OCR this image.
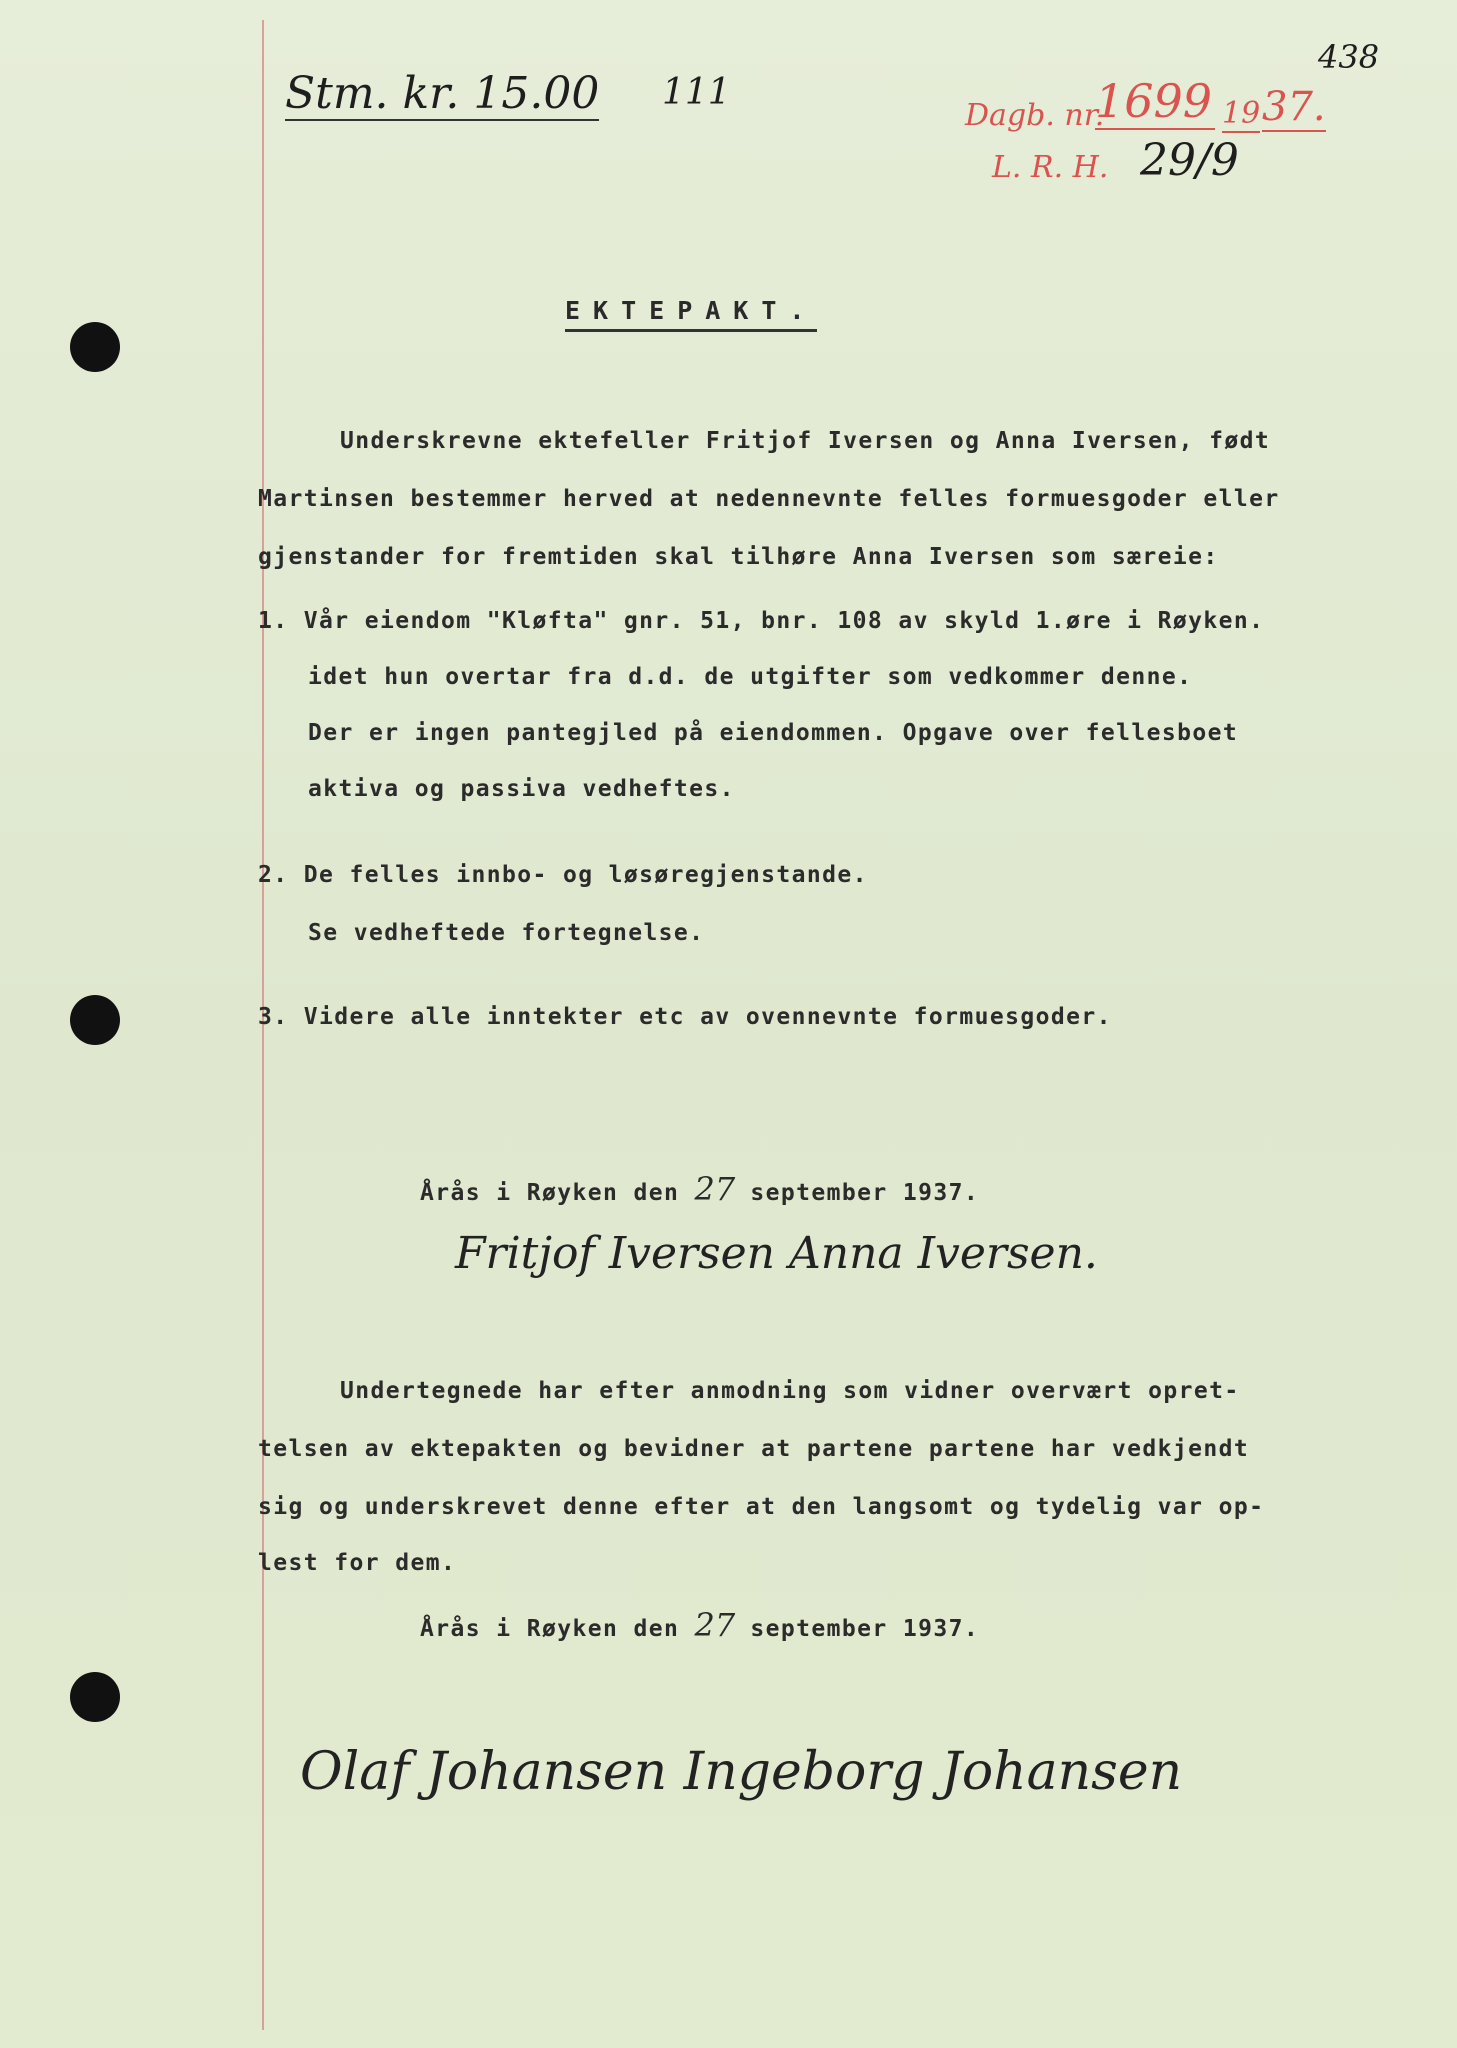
Stm. kr. 15.00 111
438
Dagb. nr.
1699 19 37.
L. R. H. 29/9
EKTEPAKT.
Underskrevne ektefeller Fritjof Iversen og Anna Iversen, født
Martinsen bestemmer herved at nedennevnte felles formuesgoder eller
gjenstander for fremtiden skal tilhøre Anna Iversen som særeie:
1. Vår eiendom "Kløfta" gnr. 51, bnr. 108 av skyld 1.øre i Røyken.
idet hun overtar fra d.d. de utgifter som vedkommer denne.
Der er ingen pantegjled på eiendommen. Opgave over fellesboet
aktiva og passiva vedheftes.
2. De felles innbo- og løsøregjenstande.
Se vedheftede fortegnelse.
3. Videre alle inntekter etc av ovennevnte formuesgoder.
Årås i Røyken den 27 september 1937.
Fritjof Iversen Anna Iversen.
Undertegnede har efter anmodning som vidner overvært opret-
telsen av ektepakten og bevidner at partene partene har vedkjendt
sig og underskrevet denne efter at den langsomt og tydelig var op-
lest for dem.
Årås i Røyken den 27 september 1937.
Olaf Johansen Ingeborg Johansen
